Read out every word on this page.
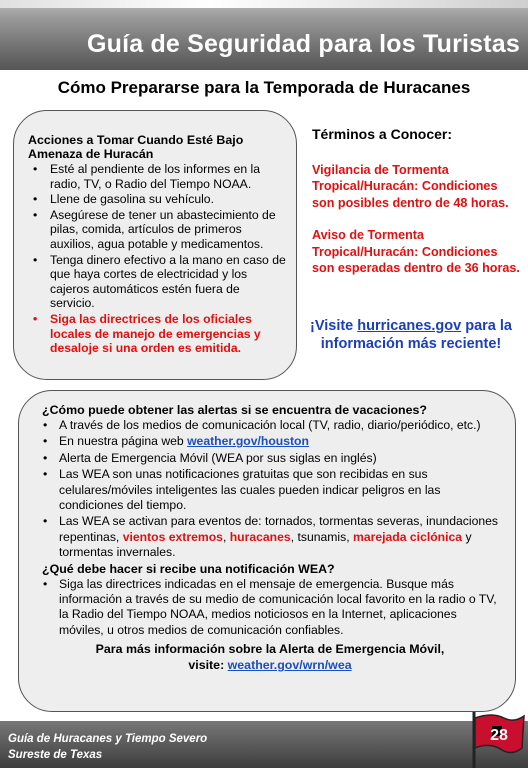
Guía de Seguridad para los Turistas
Cómo Prepararse para la Temporada de Huracanes
Acciones a Tomar Cuando Esté Bajo Amenaza de Huracán
• Esté al pendiente de los informes en la radio, TV, o Radio del Tiempo NOAA.
• Llene de gasolina su vehículo.
• Asegúrese de tener un abastecimiento de pilas, comida, artículos de primeros auxilios, agua potable y medicamentos.
• Tenga dinero efectivo a la mano en caso de que haya cortes de electricidad y los cajeros automáticos estén fuera de servicio.
• Siga las directrices de los oficiales locales de manejo de emergencias y desaloje si una orden es emitida.
Términos a Conocer:

Vigilancia de Tormenta Tropical/Huracán: Condiciones son posibles dentro de 48 horas.

Aviso de Tormenta Tropical/Huracán: Condiciones son esperadas dentro de 36 horas.

¡Visite hurricanes.gov para la información más reciente!
¿Cómo puede obtener las alertas si se encuentra de vacaciones?
• A través de los medios de comunicación local (TV, radio, diario/periódico, etc.)
• En nuestra página web weather.gov/houston
• Alerta de Emergencia Móvil (WEA por sus siglas en inglés)
• Las WEA son unas notificaciones gratuitas que son recibidas en sus celulares/móviles inteligentes las cuales pueden indicar peligros en las condiciones del tiempo.
• Las WEA se activan para eventos de: tornados, tormentas severas, inundaciones repentinas, vientos extremos, huracanes, tsunamis, marejada ciclónica y tormentas invernales.
¿Qué debe hacer si recibe una notificación WEA?
• Siga las directrices indicadas en el mensaje de emergencia. Busque más información a través de su medio de comunicación local favorito en la radio o TV, la Radio del Tiempo NOAA, medios noticiosos en la Internet, aplicaciones móviles, u otros medios de comunicación confiables.
Para más información sobre la Alerta de Emergencia Móvil,
visite: weather.gov/wrn/wea
Guía de Huracanes y Tiempo Severo
Sureste de Texas
28
